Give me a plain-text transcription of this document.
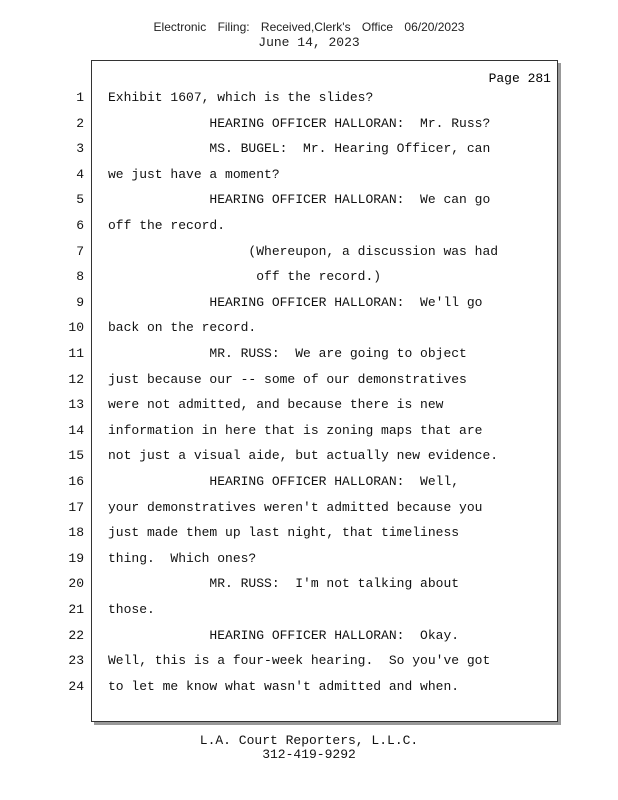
Electronic Filing: Received,Clerk's Office 06/20/2023
June 14, 2023
Page 281
1 Exhibit 1607, which is the slides?
2 HEARING OFFICER HALLORAN:  Mr. Russ?
3 MS. BUGEL:  Mr. Hearing Officer, can
4 we just have a moment?
5 HEARING OFFICER HALLORAN:  We can go
6 off the record.
7 (Whereupon, a discussion was had
8 off the record.)
9 HEARING OFFICER HALLORAN:  We'll go
10 back on the record.
11 MR. RUSS:  We are going to object
12 just because our -- some of our demonstratives
13 were not admitted, and because there is new
14 information in here that is zoning maps that are
15 not just a visual aide, but actually new evidence.
16 HEARING OFFICER HALLORAN:  Well,
17 your demonstratives weren't admitted because you
18 just made them up last night, that timeliness
19 thing.  Which ones?
20 MR. RUSS:  I'm not talking about
21 those.
22 HEARING OFFICER HALLORAN:  Okay.
23 Well, this is a four-week hearing.  So you've got
24 to let me know what wasn't admitted and when.
L.A. Court Reporters, L.L.C.
312-419-9292
